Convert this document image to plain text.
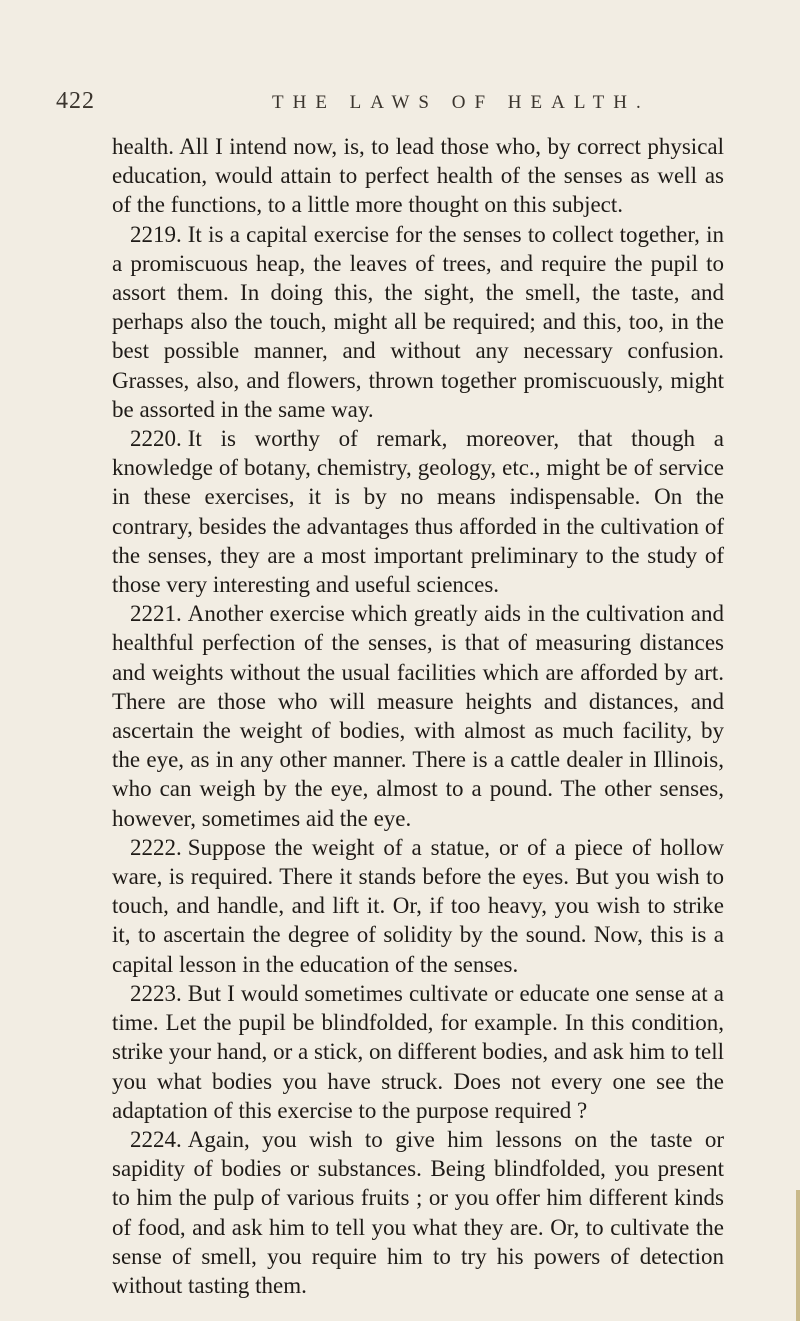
422	THE LAWS OF HEALTH.

health. All I intend now, is, to lead those who, by correct physical education, would attain to perfect health of the senses as well as of the functions, to a little more thought on this subject.

2219. It is a capital exercise for the senses to collect together, in a promiscuous heap, the leaves of trees, and require the pupil to assort them. In doing this, the sight, the smell, the taste, and perhaps also the touch, might all be required; and this, too, in the best possible manner, and without any necessary confusion. Grasses, also, and flowers, thrown together promiscuously, might be assorted in the same way.

2220. It is worthy of remark, moreover, that though a knowledge of botany, chemistry, geology, etc., might be of service in these exercises, it is by no means indispensable. On the contrary, besides the advantages thus afforded in the cultivation of the senses, they are a most important preliminary to the study of those very interesting and useful sciences.

2221. Another exercise which greatly aids in the cultivation and healthful perfection of the senses, is that of measuring distances and weights without the usual facilities which are afforded by art. There are those who will measure heights and distances, and ascertain the weight of bodies, with almost as much facility, by the eye, as in any other manner. There is a cattle dealer in Illinois, who can weigh by the eye, almost to a pound. The other senses, however, sometimes aid the eye.

2222. Suppose the weight of a statue, or of a piece of hollow ware, is required. There it stands before the eyes. But you wish to touch, and handle, and lift it. Or, if too heavy, you wish to strike it, to ascertain the degree of solidity by the sound. Now, this is a capital lesson in the education of the senses.

2223. But I would sometimes cultivate or educate one sense at a time. Let the pupil be blindfolded, for example. In this condition, strike your hand, or a stick, on different bodies, and ask him to tell you what bodies you have struck. Does not every one see the adaptation of this exercise to the purpose required ?

2224. Again, you wish to give him lessons on the taste or sapidity of bodies or substances. Being blindfolded, you present to him the pulp of various fruits ; or you offer him different kinds of food, and ask him to tell you what they are. Or, to cultivate the sense of smell, you require him to try his powers of detection without tasting them.
